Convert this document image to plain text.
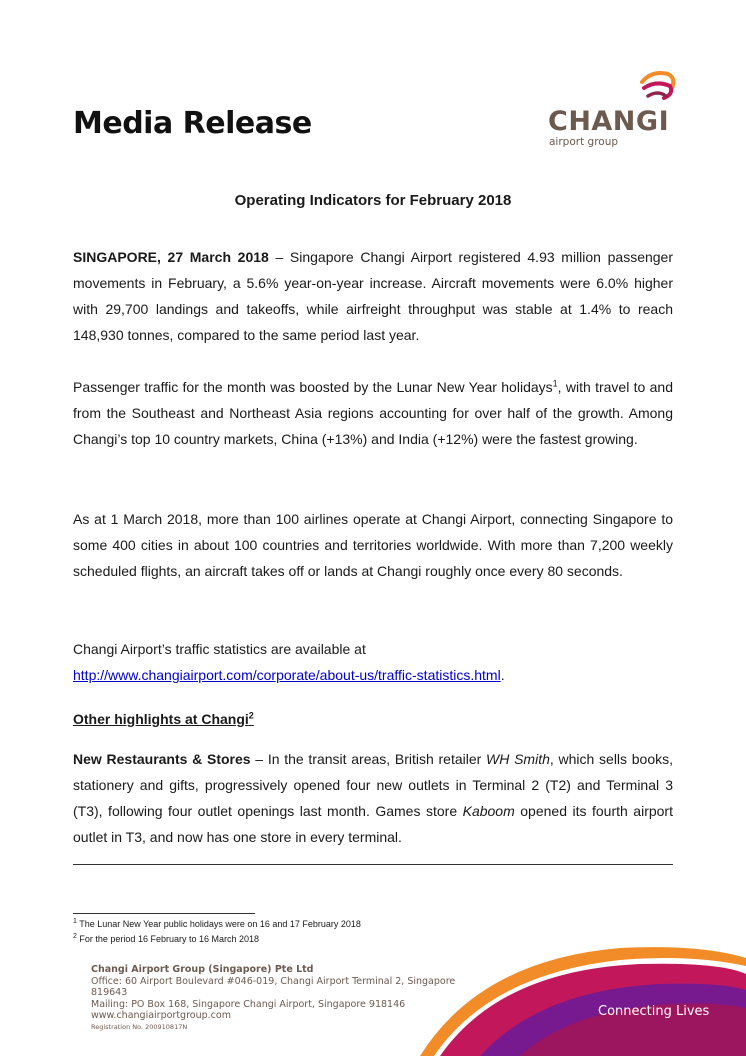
Media Release	CHANGI
airport group
Operating Indicators for February 2018

SINGAPORE, 27 March 2018 – Singapore Changi Airport registered 4.93 million passenger movements in February, a 5.6% year-on-year increase. Aircraft movements were 6.0% higher with 29,700 landings and takeoffs, while airfreight throughput was stable at 1.4% to reach 148,930 tonnes, compared to the same period last year.

Passenger traffic for the month was boosted by the Lunar New Year holidays$^1$, with travel to and from the Southeast and Northeast Asia regions accounting for over half of the growth. Among Changi’s top 10 country markets, China (+13%) and India (+12%) were the fastest growing.

As at 1 March 2018, more than 100 airlines operate at Changi Airport, connecting Singapore to some 400 cities in about 100 countries and territories worldwide. With more than 7,200 weekly scheduled flights, an aircraft takes off or lands at Changi roughly once every 80 seconds.

Changi Airport’s traffic statistics are available at

http://www.changiairport.com/corporate/about-us/traffic-statistics.html.

Other highlights at Changi$^2$

New Restaurants & Stores – In the transit areas, British retailer WH Smith, which sells books, stationery and gifts, progressively opened four new outlets in Terminal 2 (T2) and Terminal 3 (T3), following four outlet openings last month. Games store Kaboom opened its fourth airport outlet in T3, and now has one store in every terminal.

$^1$ The Lunar New Year public holidays were on 16 and 17 February 2018
$^2$ For the period 16 February to 16 March 2018
Changi Airport Group (Singapore) Pte Ltd
Office: 60 Airport Boulevard #046-019, Changi Airport Terminal 2, Singapore 819643
Mailing: PO Box 168, Singapore Changi Airport, Singapore 918146
www.changiairportgroup.com
Registration No. 200910817N
Connecting Lives
